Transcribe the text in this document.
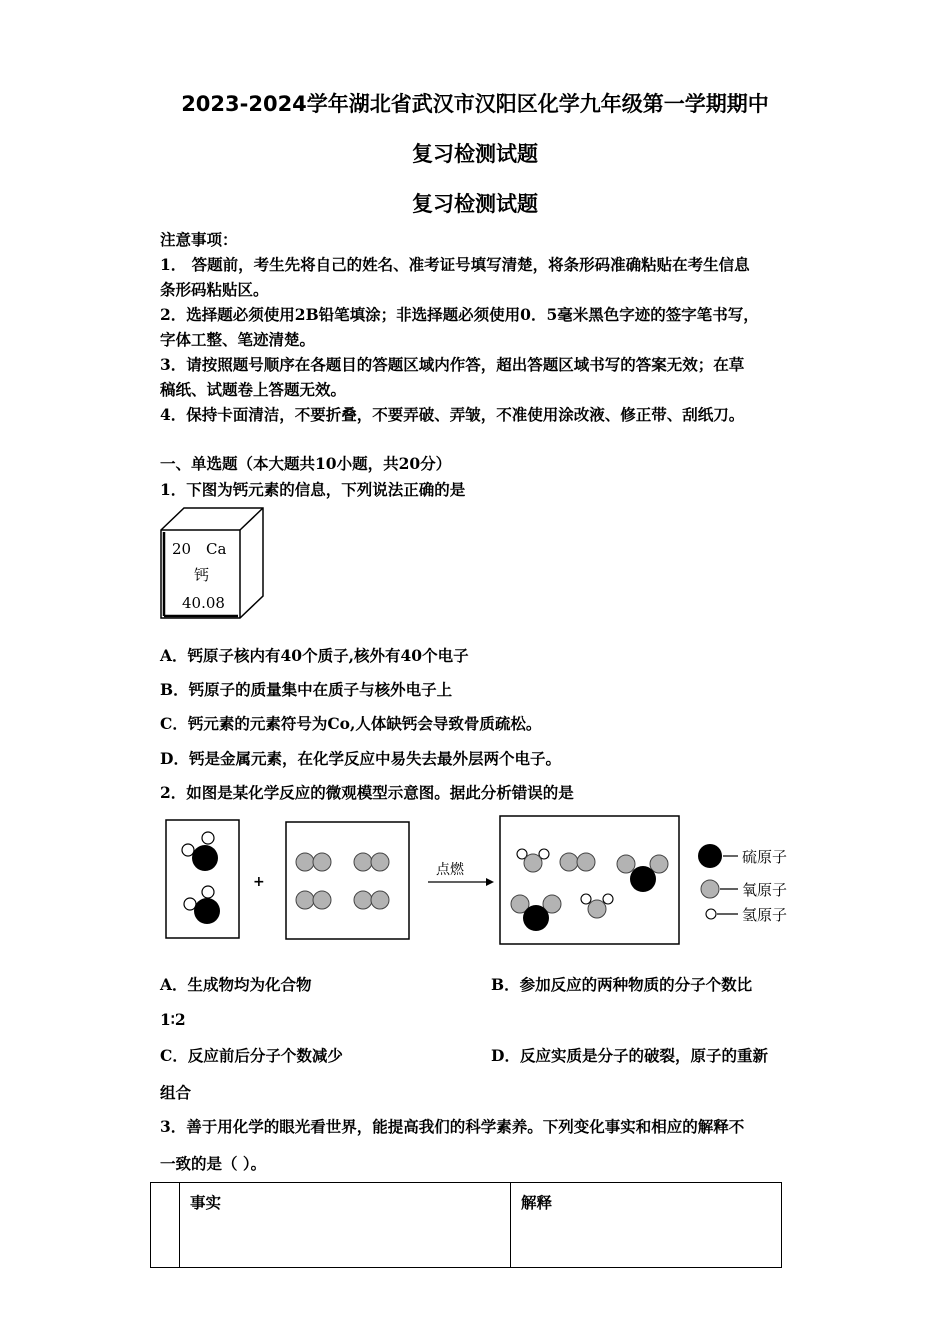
2023-2024学年湖北省武汉市汉阳区化学九年级第一学期期中
复习检测试题
复习检测试题
注意事项：
1． 答题前，考生先将自己的姓名、准考证号填写清楚，将条形码准确粘贴在考生信息
条形码粘贴区。
2．选择题必须使用2B铅笔填涂；非选择题必须使用0．5毫米黑色字迹的签字笔书写，
字体工整、笔迹清楚。
3．请按照题号顺序在各题目的答题区域内作答，超出答题区域书写的答案无效；在草
稿纸、试题卷上答题无效。
4．保持卡面清洁，不要折叠，不要弄破、弄皱，不准使用涂改液、修正带、刮纸刀。
一、单选题（本大题共10小题，共20分）
1．下图为钙元素的信息，下列说法正确的是
20 Ca
钙
40.08
A．钙原子核内有40个质子,核外有40个电子
B．钙原子的质量集中在质子与核外电子上
C．钙元素的元素符号为Co,人体缺钙会导致骨质疏松。
D．钙是金属元素，在化学反应中易失去最外层两个电子。
2．如图是某化学反应的微观模型示意图。据此分析错误的是
+
点燃
硫原子
氧原子
氢原子
A．生成物均为化合物	B．参加反应的两种物质的分子个数比
1∶2
C．反应前后分子个数减少	D．反应实质是分子的破裂，原子的重新
组合
3．善于用化学的眼光看世界，能提高我们的科学素养。下列变化事实和相应的解释不
一致的是（ ）。
	事实	解释
